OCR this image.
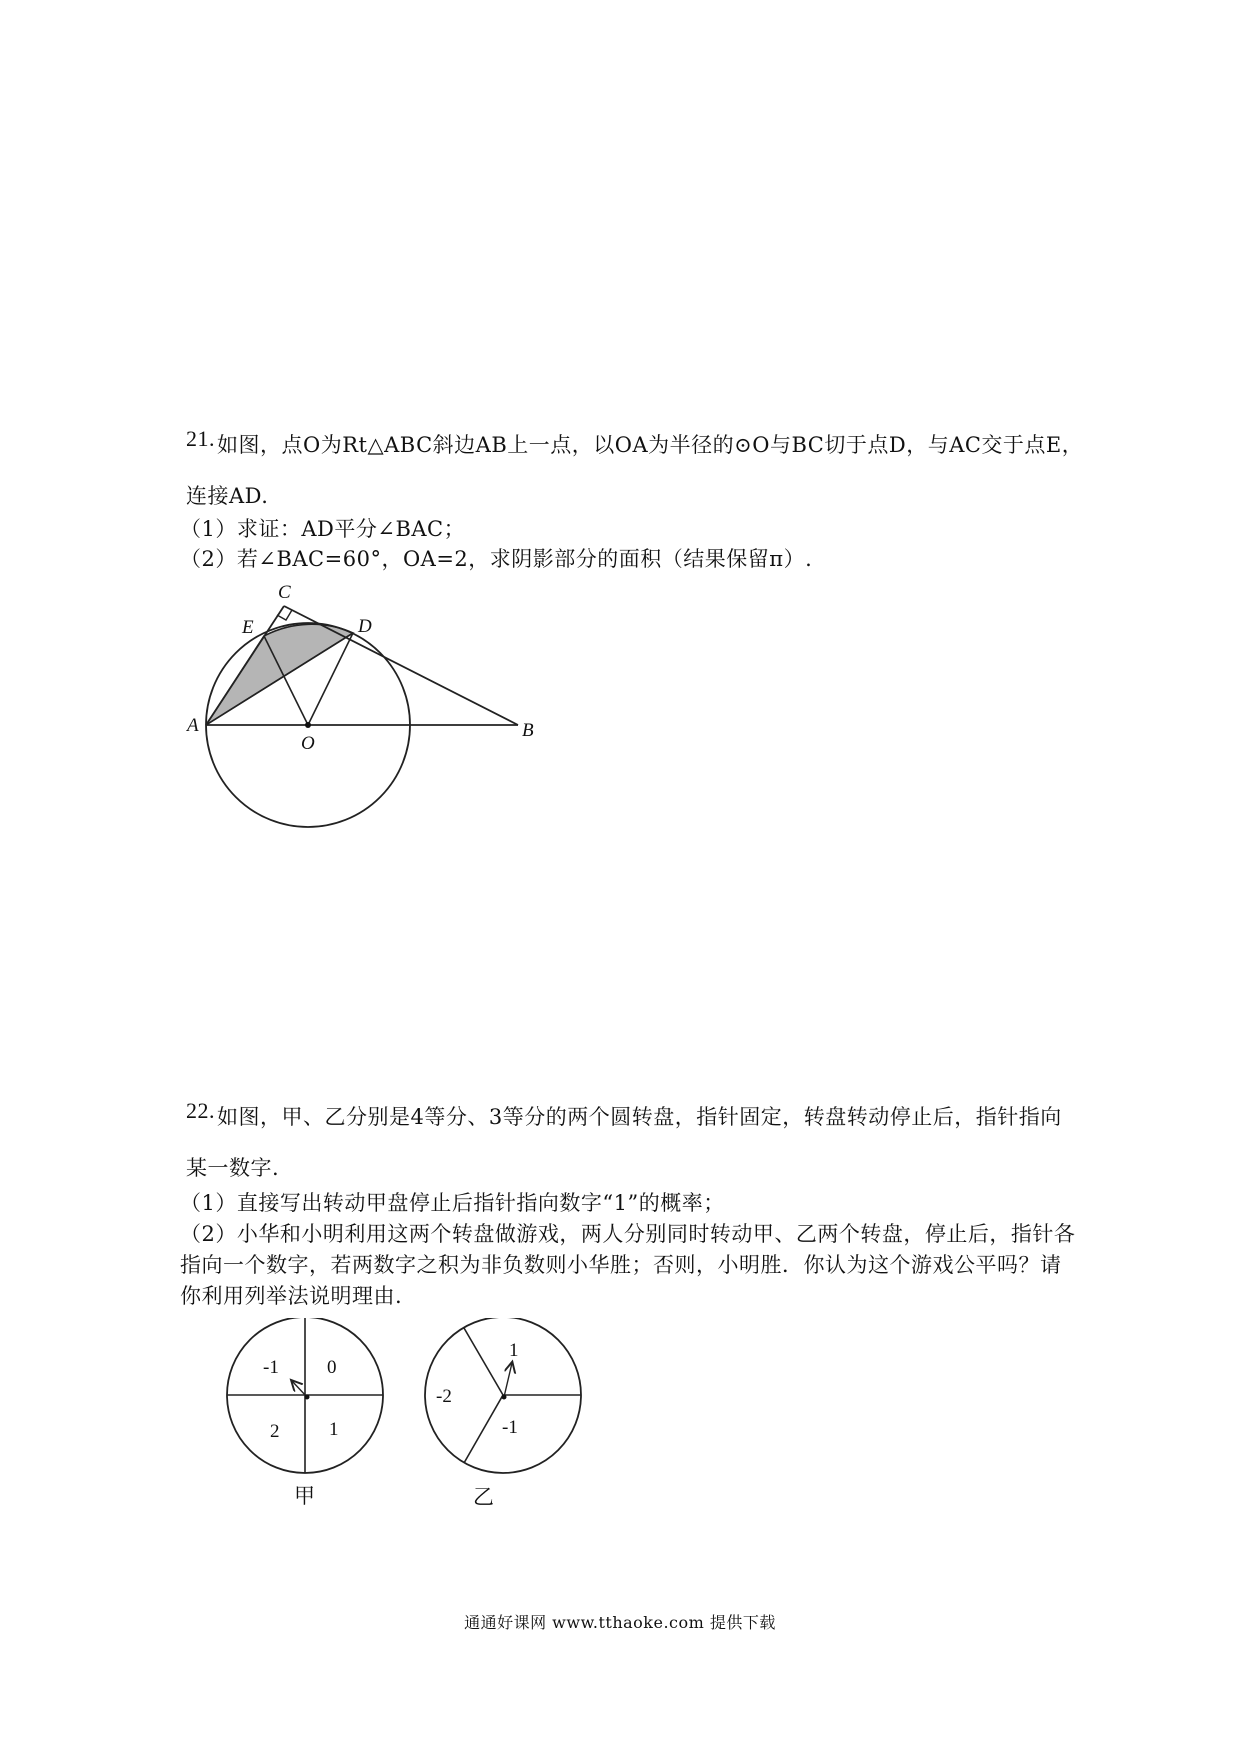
21.如图，点O为Rt△ABC斜边AB上一点，以OA为半径的⊙O与BC切于点D，与AC交于点E，
连接AD.
（1）求证：AD平分∠BAC；
（2）若∠BAC=60°，OA=2，求阴影部分的面积（结果保留π）.
C
E	D
A
O
B
22.如图，甲、乙分别是4等分、3等分的两个圆转盘，指针固定，转盘转动停止后，指针指向
某一数字.
（1）直接写出转动甲盘停止后指针指向数字“1”的概率；
（2）小华和小明利用这两个转盘做游戏，两人分别同时转动甲、乙两个转盘，停止后，指针各
指向一个数字，若两数字之积为非负数则小华胜；否则，小明胜．你认为这个游戏公平吗？请
你利用列举法说明理由.
-1	0
2	1
甲
1
-2
-1
乙
通通好课网 www.tthaoke.com 提供下载
